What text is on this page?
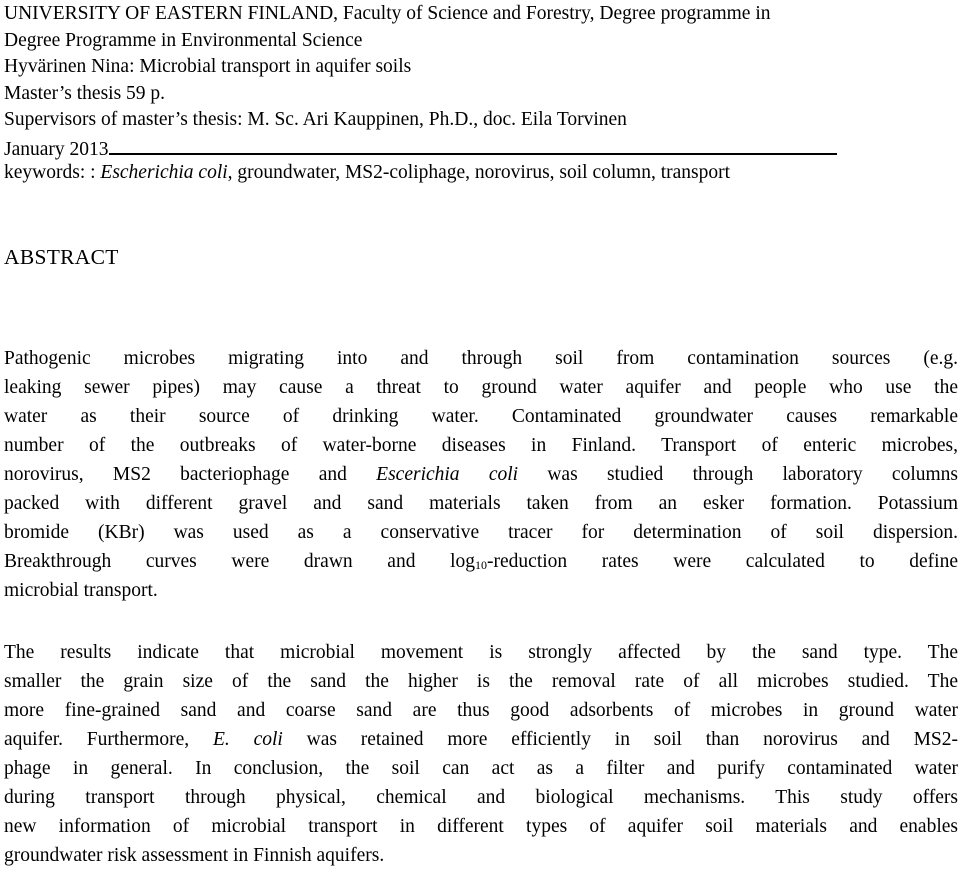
UNIVERSITY OF EASTERN FINLAND, Faculty of Science and Forestry, Degree programme in
Degree Programme in Environmental Science
Hyvärinen Nina: Microbial transport in aquifer soils
Master’s thesis 59 p.
Supervisors of master’s thesis: M. Sc. Ari Kauppinen, Ph.D., doc. Eila Torvinen
January 2013
keywords: : Escherichia coli, groundwater, MS2-coliphage, norovirus, soil column, transport
ABSTRACT
Pathogenic microbes migrating into and through soil from contamination sources (e.g.
leaking sewer pipes) may cause a threat to ground water aquifer and people who use the
water as their source of drinking water. Contaminated groundwater causes remarkable
number of the outbreaks of water-borne diseases in Finland. Transport of enteric microbes,
norovirus, MS2 bacteriophage and Escerichia coli was studied through laboratory columns
packed with different gravel and sand materials taken from an esker formation. Potassium
bromide (KBr) was used as a conservative tracer for determination of soil dispersion.
Breakthrough curves were drawn and $\log_{10}$-reduction rates were calculated to define
microbial transport.
The results indicate that microbial movement is strongly affected by the sand type. The
smaller the grain size of the sand the higher is the removal rate of all microbes studied. The
more fine-grained sand and coarse sand are thus good adsorbents of microbes in ground water
aquifer. Furthermore, E. coli was retained more efficiently in soil than norovirus and MS2-
phage in general. In conclusion, the soil can act as a filter and purify contaminated water
during transport through physical, chemical and biological mechanisms. This study offers
new information of microbial transport in different types of aquifer soil materials and enables
groundwater risk assessment in Finnish aquifers.
